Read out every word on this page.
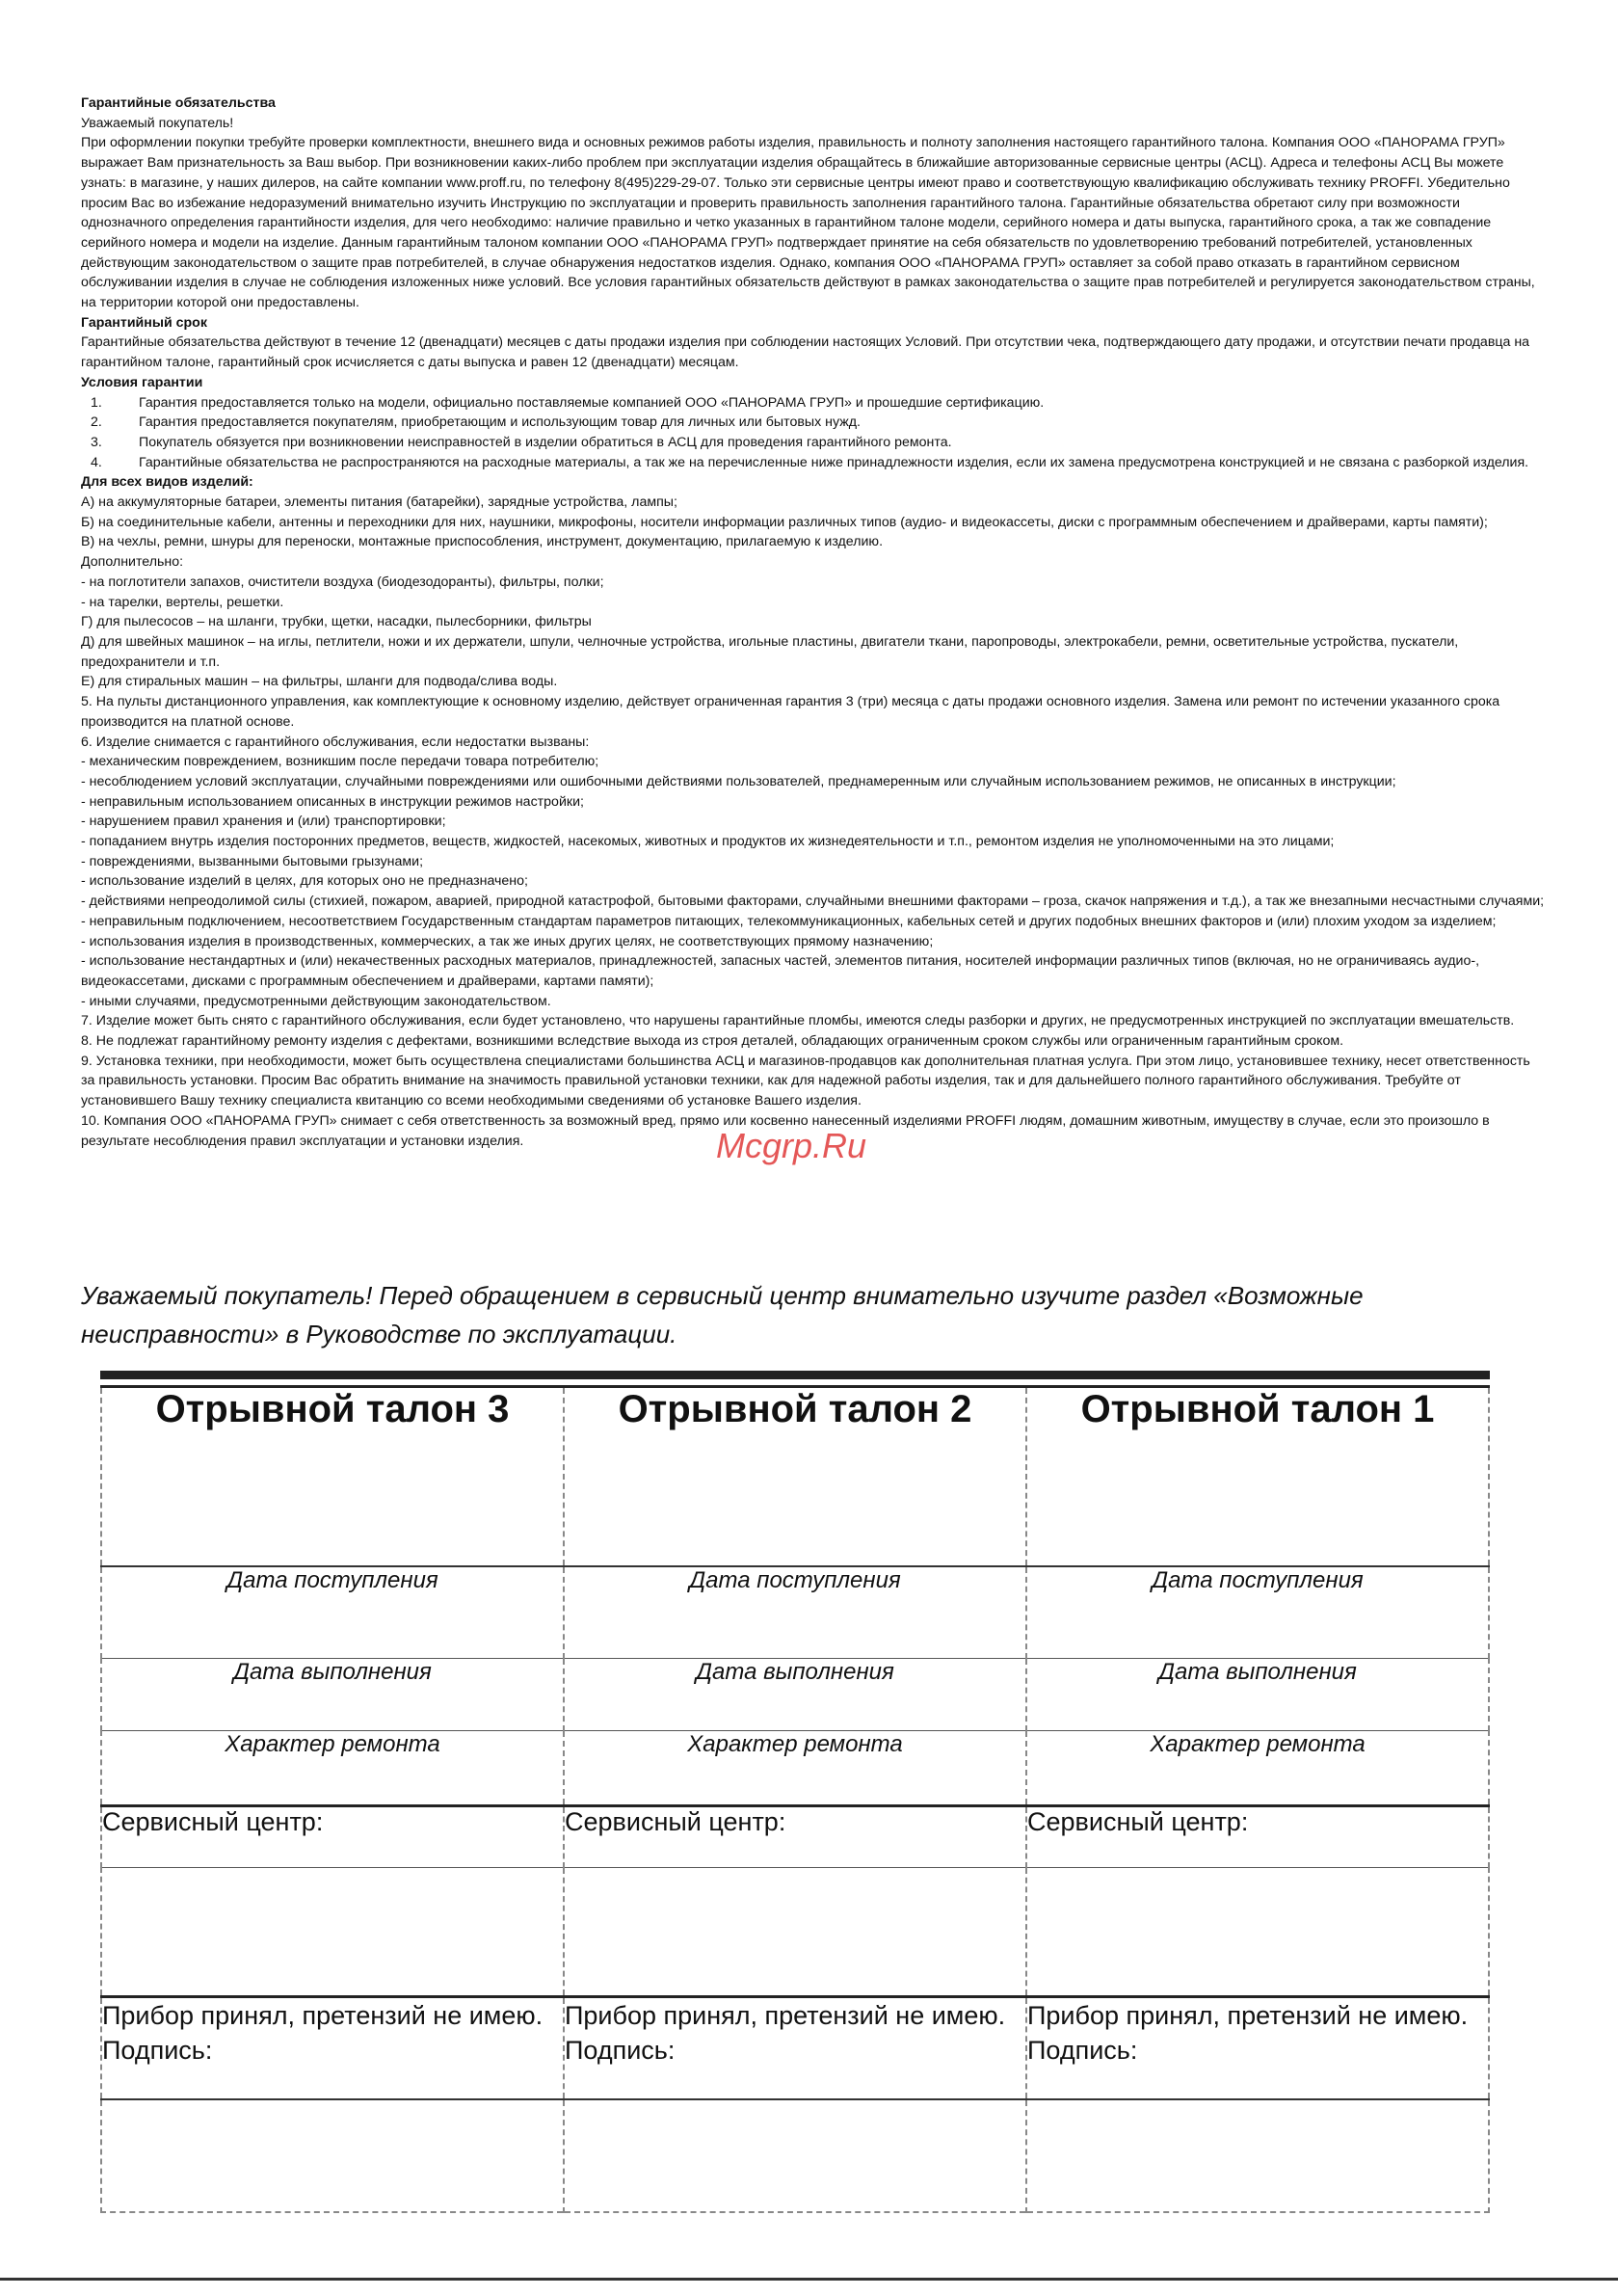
Гарантийные обязательства

Уважаемый покупатель!

При оформлении покупки требуйте проверки комплектности, внешнего вида и основных режимов работы изделия, правильность и полноту заполнения настоящего гарантийного талона. Компания ООО «ПАНОРАМА ГРУП» выражает Вам признательность за Ваш выбор. При возникновении каких-либо проблем при эксплуатации изделия обращайтесь в ближайшие авторизованные сервисные центры (АСЦ). Адреса и телефоны АСЦ Вы можете узнать: в магазине, у наших дилеров, на сайте компании www.proff.ru, по телефону 8(495)229-29-07. Только эти сервисные центры имеют право и соответствующую квалификацию обслуживать технику PROFFI. Убедительно просим Вас во избежание недоразумений внимательно изучить Инструкцию по эксплуатации и проверить правильность заполнения гарантийного талона. Гарантийные обязательства обретают силу при возможности однозначного определения гарантийности изделия, для чего необходимо: наличие правильно и четко указанных в гарантийном талоне модели, серийного номера и даты выпуска, гарантийного срока, а так же совпадение серийного номера и модели на изделие. Данным гарантийным талоном компании ООО «ПАНОРАМА ГРУП» подтверждает принятие на себя обязательств по удовлетворению требований потребителей, установленных действующим законодательством о защите прав потребителей, в случае обнаружения недостатков изделия. Однако, компания ООО «ПАНОРАМА ГРУП» оставляет за собой право отказать в гарантийном сервисном обслуживании изделия в случае не соблюдения изложенных ниже условий. Все условия гарантийных обязательств действуют в рамках законодательства о защите прав потребителей и регулируется законодательством страны, на территории которой они предоставлены.

Гарантийный срок

Гарантийные обязательства действуют в течение 12 (двенадцати) месяцев с даты продажи изделия при соблюдении настоящих Условий. При отсутствии чека, подтверждающего дату продажи, и отсутствии печати продавца на гарантийном талоне, гарантийный срок исчисляется с даты выпуска и равен 12 (двенадцати) месяцам.

Условия гарантии

1.	Гарантия предоставляется только на модели, официально поставляемые компанией ООО «ПАНОРАМА ГРУП» и прошедшие сертификацию.
2.	Гарантия предоставляется покупателям, приобретающим и использующим товар для личных или бытовых нужд.
3.	Покупатель обязуется при возникновении неисправностей в изделии обратиться в АСЦ для проведения гарантийного ремонта.
4.	Гарантийные обязательства не распространяются на расходные материалы, а так же на перечисленные ниже принадлежности изделия, если их замена предусмотрена конструкцией и не связана с разборкой изделия.

Для всех видов изделий:

А) на аккумуляторные батареи, элементы питания (батарейки), зарядные устройства, лампы;

Б) на соединительные кабели, антенны и переходники для них, наушники, микрофоны, носители информации различных типов (аудио- и видеокассеты, диски с программным обеспечением и драйверами, карты памяти);

В) на чехлы, ремни, шнуры для переноски, монтажные приспособления, инструмент, документацию, прилагаемую к изделию.

Дополнительно:

- на поглотители запахов, очистители воздуха (биодезодоранты), фильтры, полки;

- на тарелки, вертелы, решетки.

Г) для пылесосов – на шланги, трубки, щетки, насадки, пылесборники, фильтры

Д) для швейных машинок – на иглы, петлители, ножи и их держатели, шпули, челночные устройства, игольные пластины, двигатели ткани, паропроводы, электрокабели, ремни, осветительные устройства, пускатели, предохранители и т.п.

Е) для стиральных машин – на фильтры, шланги для подвода/слива воды.

5. На пульты дистанционного управления, как комплектующие к основному изделию, действует ограниченная гарантия 3 (три) месяца с даты продажи основного изделия. Замена или ремонт по истечении указанного срока производится на платной основе.

6. Изделие снимается с гарантийного обслуживания, если недостатки вызваны:

- механическим повреждением, возникшим после передачи товара потребителю;

- несоблюдением условий эксплуатации, случайными повреждениями или ошибочными действиями пользователей, преднамеренным или случайным использованием режимов, не описанных в инструкции;

- неправильным использованием описанных в инструкции режимов настройки;

- нарушением правил хранения и (или) транспортировки;

- попаданием внутрь изделия посторонних предметов, веществ, жидкостей, насекомых, животных и продуктов их жизнедеятельности и т.п., ремонтом изделия не уполномоченными на это лицами;

- повреждениями, вызванными бытовыми грызунами;

- использование изделий в целях, для которых оно не предназначено;

- действиями непреодолимой силы (стихией, пожаром, аварией, природной катастрофой, бытовыми факторами, случайными внешними факторами – гроза, скачок напряжения и т.д.), а так же внезапными несчастными случаями;

- неправильным подключением, несоответствием Государственным стандартам параметров питающих, телекоммуникационных, кабельных сетей и других подобных внешних факторов и (или) плохим уходом за изделием;

- использования изделия в производственных, коммерческих, а так же иных других целях, не соответствующих прямому назначению;

- использование нестандартных и (или) некачественных расходных материалов, принадлежностей, запасных частей, элементов питания, носителей информации различных типов (включая, но не ограничиваясь аудио-, видеокассетами, дисками с программным обеспечением и драйверами, картами памяти);

- иными случаями, предусмотренными действующим законодательством.

7. Изделие может быть снято с гарантийного обслуживания, если будет установлено, что нарушены гарантийные пломбы, имеются следы разборки и других, не предусмотренных инструкцией по эксплуатации вмешательств.

8. Не подлежат гарантийному ремонту изделия с дефектами, возникшими вследствие выхода из строя деталей, обладающих ограниченным сроком службы или ограниченным гарантийным сроком.

9. Установка техники, при необходимости, может быть осуществлена специалистами большинства АСЦ и магазинов-продавцов как дополнительная платная услуга. При этом лицо, установившее технику, несет ответственность за правильность установки. Просим Вас обратить внимание на значимость правильной установки техники, как для надежной работы изделия, так и для дальнейшего полного гарантийного обслуживания. Требуйте от установившего Вашу технику специалиста квитанцию со всеми необходимыми сведениями об установке Вашего изделия.

10. Компания ООО «ПАНОРАМА ГРУП» снимает с себя ответственность за возможный вред, прямо или косвенно нанесенный изделиями PROFFI людям, домашним животным, имуществу в случае, если это произошло в результате несоблюдения правил эксплуатации и установки изделия.	Mcgrp.Ru

Уважаемый покупатель! Перед обращением в сервисный центр внимательно изучите раздел «Возможные неисправности» в Руководстве по эксплуатации.

Отрывной талон 3	Отрывной талон 2	Отрывной талон 1
Дата поступления	Дата поступления	Дата поступления
Дата выполнения	Дата выполнения	Дата выполнения
Характер ремонта	Характер ремонта	Характер ремонта
Сервисный центр:	Сервисный центр:	Сервисный центр:

Прибор принял, претензий не имею. Подпись:	Прибор принял, претензий не имею. Подпись:	Прибор принял, претензий не имею. Подпись:
